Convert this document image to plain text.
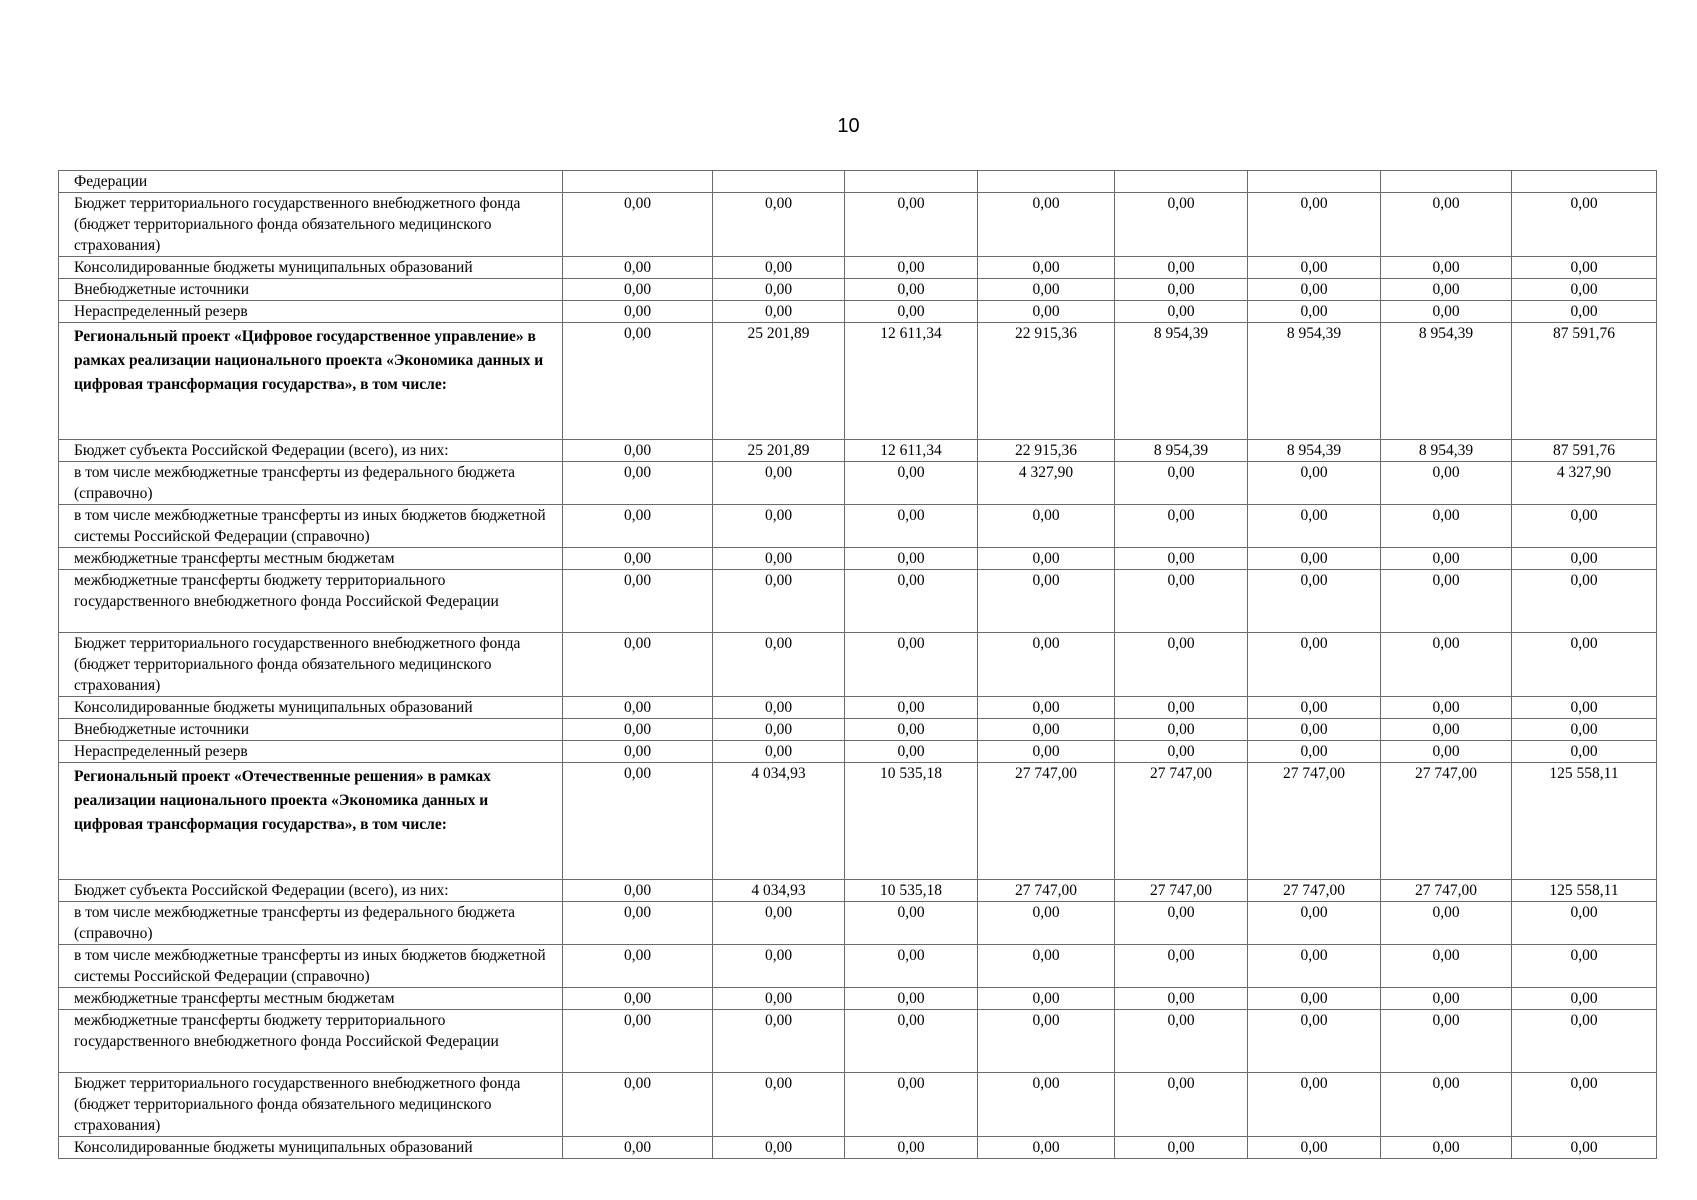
10
Федерации								
Бюджет территориального государственного внебюджетного фонда (бюджет территориального фонда обязательного медицинского страхования)	0,00	0,00	0,00	0,00	0,00	0,00	0,00	0,00
Консолидированные бюджеты муниципальных образований	0,00	0,00	0,00	0,00	0,00	0,00	0,00	0,00
Внебюджетные источники	0,00	0,00	0,00	0,00	0,00	0,00	0,00	0,00
Нераспределенный резерв	0,00	0,00	0,00	0,00	0,00	0,00	0,00	0,00
Региональный проект «Цифровое государственное управление» в рамках реализации национального проекта «Экономика данных и цифровая трансформация государства», в том числе:	0,00	25 201,89	12 611,34	22 915,36	8 954,39	8 954,39	8 954,39	87 591,76
Бюджет субъекта Российской Федерации (всего), из них:	0,00	25 201,89	12 611,34	22 915,36	8 954,39	8 954,39	8 954,39	87 591,76
в том числе межбюджетные трансферты из федерального бюджета (справочно)	0,00	0,00	0,00	4 327,90	0,00	0,00	0,00	4 327,90
в том числе межбюджетные трансферты из иных бюджетов бюджетной системы Российской Федерации (справочно)	0,00	0,00	0,00	0,00	0,00	0,00	0,00	0,00
межбюджетные трансферты местным бюджетам	0,00	0,00	0,00	0,00	0,00	0,00	0,00	0,00
межбюджетные трансферты бюджету территориального государственного внебюджетного фонда Российской Федерации	0,00	0,00	0,00	0,00	0,00	0,00	0,00	0,00
Бюджет территориального государственного внебюджетного фонда (бюджет территориального фонда обязательного медицинского страхования)	0,00	0,00	0,00	0,00	0,00	0,00	0,00	0,00
Консолидированные бюджеты муниципальных образований	0,00	0,00	0,00	0,00	0,00	0,00	0,00	0,00
Внебюджетные источники	0,00	0,00	0,00	0,00	0,00	0,00	0,00	0,00
Нераспределенный резерв	0,00	0,00	0,00	0,00	0,00	0,00	0,00	0,00
Региональный проект «Отечественные решения» в рамках реализации национального проекта «Экономика данных и цифровая трансформация государства», в том числе:	0,00	4 034,93	10 535,18	27 747,00	27 747,00	27 747,00	27 747,00	125 558,11
Бюджет субъекта Российской Федерации (всего), из них:	0,00	4 034,93	10 535,18	27 747,00	27 747,00	27 747,00	27 747,00	125 558,11
в том числе межбюджетные трансферты из федерального бюджета (справочно)	0,00	0,00	0,00	0,00	0,00	0,00	0,00	0,00
в том числе межбюджетные трансферты из иных бюджетов бюджетной системы Российской Федерации (справочно)	0,00	0,00	0,00	0,00	0,00	0,00	0,00	0,00
межбюджетные трансферты местным бюджетам	0,00	0,00	0,00	0,00	0,00	0,00	0,00	0,00
межбюджетные трансферты бюджету территориального государственного внебюджетного фонда Российской Федерации	0,00	0,00	0,00	0,00	0,00	0,00	0,00	0,00
Бюджет территориального государственного внебюджетного фонда (бюджет территориального фонда обязательного медицинского страхования)	0,00	0,00	0,00	0,00	0,00	0,00	0,00	0,00
Консолидированные бюджеты муниципальных образований	0,00	0,00	0,00	0,00	0,00	0,00	0,00	0,00
